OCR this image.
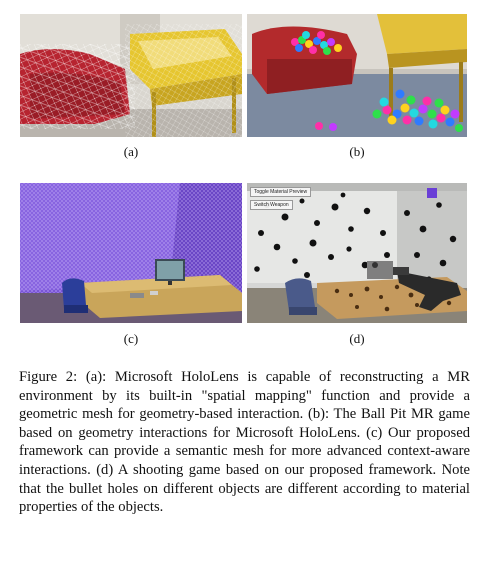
(a)	(b)
(c)
Toggle Material Preview
Switch Weapon
(d)
Figure 2: (a): Microsoft HoloLens is capable of reconstructing a MR environment by its built-in "spatial mapping" function and provide a geometric mesh for geometry-based interaction. (b): The Ball Pit MR game based on geometry interactions for Microsoft HoloLens. (c) Our proposed framework can provide a semantic mesh for more advanced context-aware interactions. (d) A shooting game based on our proposed framework. Note that the bullet holes on different objects are different according to material properties of the objects.
